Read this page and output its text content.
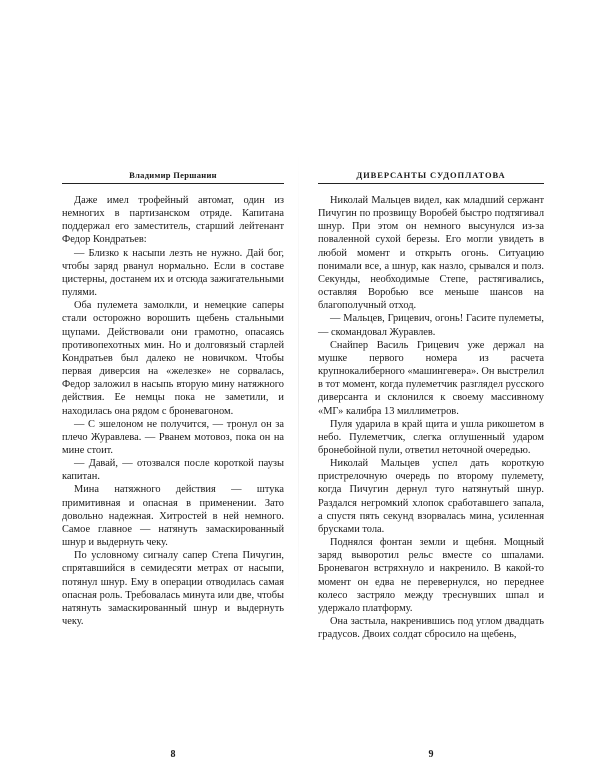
Владимир Першанин

Даже имел трофейный автомат, один из немногих в партизанском отряде. Капитана поддержал его заместитель, старший лейтенант Федор Кондратьев:

— Близко к насыпи лезть не нужно. Дай бог, чтобы заряд рванул нормально. Если в составе цистерны, достанем их и отсюда зажигательными пулями.

Оба пулемета замолкли, и немецкие саперы стали осторожно ворошить щебень стальными щупами. Действовали они грамотно, опасаясь противопехотных мин. Но и долговязый старлей Кондратьев был далеко не новичком. Чтобы первая диверсия на «железке» не сорвалась, Федор заложил в насыпь вторую мину натяжного действия. Ее немцы пока не заметили, и находилась она рядом с броневагоном.

— С эшелоном не получится, — тронул он за плечо Журавлева. — Рванем мотовоз, пока он на мине стоит.

— Давай, — отозвался после короткой паузы капитан.

Мина натяжного действия — штука примитивная и опасная в применении. Зато довольно надежная. Хитростей в ней немного. Самое главное — натянуть замаскированный шнур и выдернуть чеку.

По условному сигналу сапер Степа Пичугин, спрятавшийся в семидесяти метрах от насыпи, потянул шнур. Ему в операции отводилась самая опасная роль. Требовалась минута или две, чтобы натянуть замаскированный шнур и выдернуть чеку.

8
ДИВЕРСАНТЫ СУДОПЛАТОВА

Николай Мальцев видел, как младший сержант Пичугин по прозвищу Воробей быстро подтягивал шнур. При этом он немного высунулся из-за поваленной сухой березы. Его могли увидеть в любой момент и открыть огонь. Ситуацию понимали все, а шнур, как назло, срывался и полз. Секунды, необходимые Степе, растягивались, оставляя Воробью все меньше шансов на благополучный отход.

— Мальцев, Грицевич, огонь! Гасите пулеметы, — скомандовал Журавлев.

Снайпер Василь Грицевич уже держал на мушке первого номера из расчета крупнокалиберного «машингевера». Он выстрелил в тот момент, когда пулеметчик разглядел русского диверсанта и склонился к своему массивному «МГ» калибра 13 миллиметров.

Пуля ударила в край щита и ушла рикошетом в небо. Пулеметчик, слегка оглушенный ударом бронебойной пули, ответил неточной очередью.

Николай Мальцев успел дать короткую пристрелочную очередь по второму пулемету, когда Пичугин дернул туго натянутый шнур. Раздался негромкий хлопок сработавшего запала, а спустя пять секунд взорвалась мина, усиленная брусками тола.

Поднялся фонтан земли и щебня. Мощный заряд выворотил рельс вместе со шпалами. Броневагон встряхнуло и накренило. В какой-то момент он едва не перевернулся, но переднее колесо застряло между треснувших шпал и удержало платформу.

Она застыла, накренившись под углом двадцать градусов. Двоих солдат сбросило на щебень,

9
